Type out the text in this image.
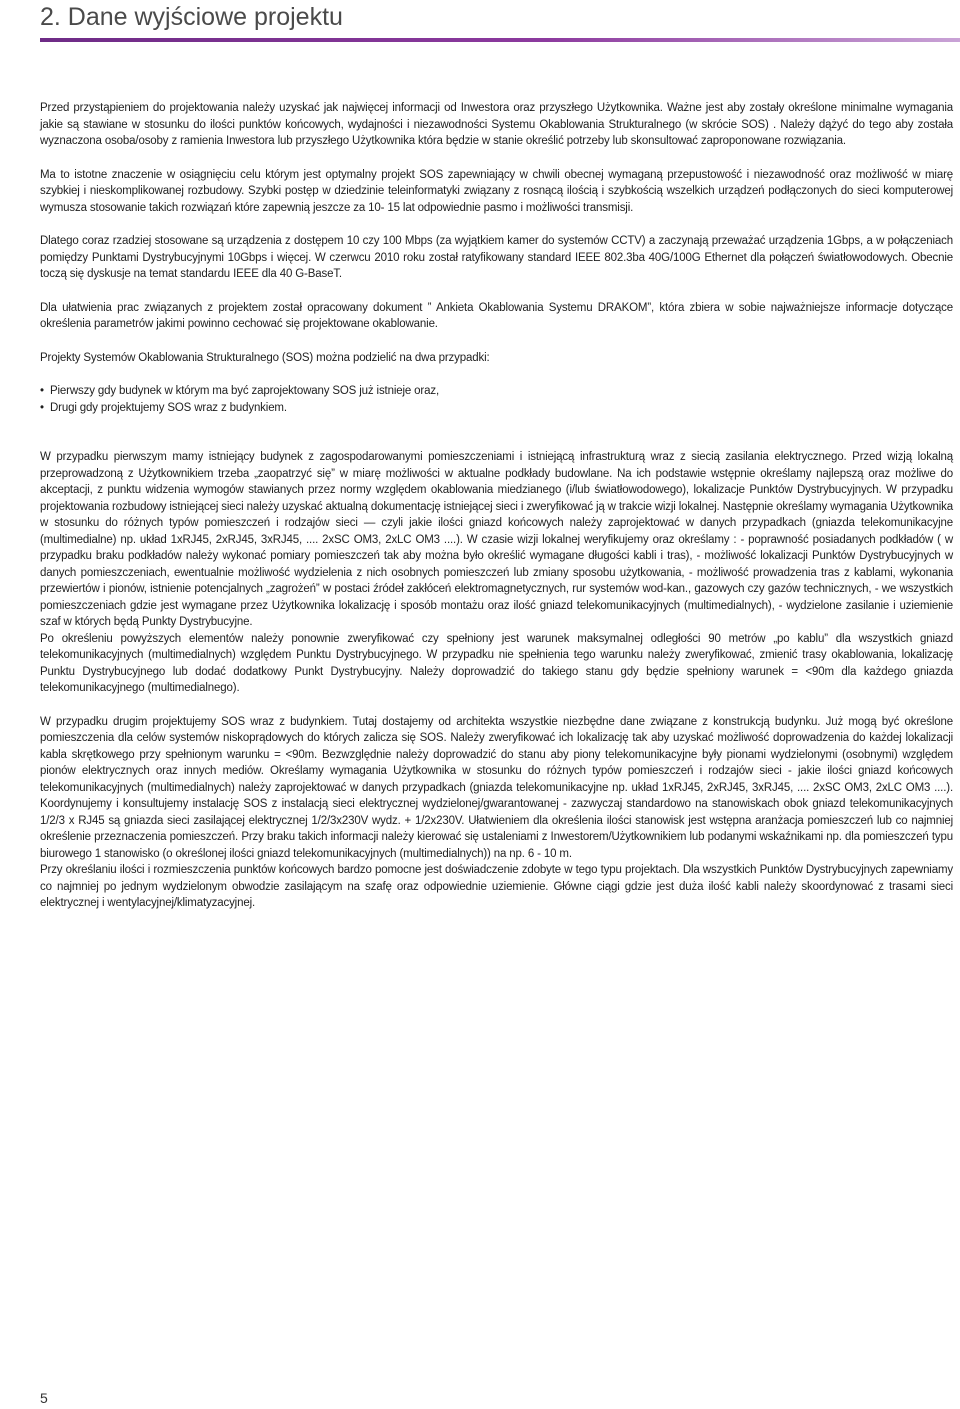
2. Dane wyjściowe projektu

Przed przystąpieniem do projektowania należy uzyskać jak najwięcej informacji od Inwestora oraz przyszłego Użytkownika. Ważne jest aby zostały określone minimalne wymagania jakie są stawiane w stosunku do ilości punktów końcowych, wydajności i niezawodności Systemu Okablowania Strukturalnego (w skrócie SOS) . Należy dążyć do tego aby została wyznaczona osoba/osoby z ramienia Inwestora lub przyszłego Użytkownika która będzie w stanie określić potrzeby lub skonsultować zaproponowane rozwiązania.

Ma to istotne znaczenie w osiągnięciu celu którym jest optymalny projekt SOS zapewniający w chwili obecnej wymaganą przepustowość i niezawodność oraz możliwość w miarę szybkiej i nieskomplikowanej rozbudowy. Szybki postęp w dziedzinie teleinformatyki związany z rosnącą ilością i szybkością wszelkich urządzeń podłączonych do sieci komputerowej wymusza stosowanie takich rozwiązań które zapewnią jeszcze za 10- 15 lat odpowiednie pasmo i możliwości transmisji.

Dlatego coraz rzadziej stosowane są urządzenia z dostępem 10 czy 100 Mbps (za wyjątkiem kamer do systemów CCTV) a zaczynają przeważać urządzenia 1Gbps, a w połączeniach pomiędzy Punktami Dystrybucyjnymi 10Gbps i więcej. W czerwcu 2010 roku został ratyfikowany standard IEEE 802.3ba 40G/100G Ethernet dla połączeń światłowodowych. Obecnie toczą się dyskusje na temat standardu IEEE dla 40 G-BaseT.

Dla ułatwienia prac związanych z projektem został opracowany dokument ” Ankieta Okablowania Systemu DRAKOM”, która zbiera w sobie najważniejsze informacje dotyczące określenia parametrów jakimi powinno cechować się projektowane okablowanie.

Projekty Systemów Okablowania Strukturalnego (SOS) można podzielić na dwa przypadki:

• Pierwszy gdy budynek w którym ma być zaprojektowany SOS już istnieje oraz,
• Drugi gdy projektujemy SOS wraz z budynkiem.

W przypadku pierwszym mamy istniejący budynek z zagospodarowanymi pomieszczeniami i istniejącą infrastrukturą wraz z siecią zasilania elektrycznego. Przed wizją lokalną przeprowadzoną z Użytkownikiem trzeba „zaopatrzyć się” w miarę możliwości w aktualne podkłady budowlane. Na ich podstawie wstępnie określamy najlepszą oraz możliwe do akceptacji, z punktu widzenia wymogów stawianych przez normy względem okablowania miedzianego (i/lub światłowodowego), lokalizacje Punktów Dystrybucyjnych. W przypadku projektowania rozbudowy istniejącej sieci należy uzyskać aktualną dokumentację istniejącej sieci i zweryfikować ją w trakcie wizji lokalnej. Następnie określamy wymagania Użytkownika w stosunku do różnych typów pomieszczeń i rodzajów sieci — czyli jakie ilości gniazd końcowych należy zaprojektować w danych przypadkach (gniazda telekomunikacyjne (multimedialne) np. układ 1xRJ45, 2xRJ45, 3xRJ45, .... 2xSC OM3, 2xLC OM3 ....). W czasie wizji lokalnej weryfikujemy oraz określamy : - poprawność posiadanych podkładów ( w przypadku braku podkładów należy wykonać pomiary pomieszczeń tak aby można było określić wymagane długości kabli i tras), - możliwość lokalizacji Punktów Dystrybucyjnych w danych pomieszczeniach, ewentualnie możliwość wydzielenia z nich osobnych pomieszczeń lub zmiany sposobu użytkowania, - możliwość prowadzenia tras z kablami, wykonania przewiertów i pionów, istnienie potencjalnych „zagrożeń” w postaci źródeł zakłóceń elektromagnetycznych, rur systemów wod-kan., gazowych czy gazów technicznych, - we wszystkich pomieszczeniach gdzie jest wymagane przez Użytkownika lokalizację i sposób montażu oraz ilość gniazd telekomunikacyjnych (multimedialnych), - wydzielone zasilanie i uziemienie szaf w których będą Punkty Dystrybucyjne.

Po określeniu powyższych elementów należy ponownie zweryfikować czy spełniony jest warunek maksymalnej odległości 90 metrów „po kablu” dla wszystkich gniazd telekomunikacyjnych (multimedialnych) względem Punktu Dystrybucyjnego. W przypadku nie spełnienia tego warunku należy zweryfikować, zmienić trasy okablowania, lokalizację Punktu Dystrybucyjnego lub dodać dodatkowy Punkt Dystrybucyjny. Należy doprowadzić do takiego stanu gdy będzie spełniony warunek = <90m dla każdego gniazda telekomunikacyjnego (multimedialnego).

W przypadku drugim projektujemy SOS wraz z budynkiem. Tutaj dostajemy od architekta wszystkie niezbędne dane związane z konstrukcją budynku. Już mogą być określone pomieszczenia dla celów systemów niskoprądowych do których zalicza się SOS. Należy zweryfikować ich lokalizację tak aby uzyskać możliwość doprowadzenia do każdej lokalizacji kabla skrętkowego przy spełnionym warunku = <90m. Bezwzględnie należy doprowadzić do stanu aby piony telekomunikacyjne były pionami wydzielonymi (osobnymi) względem pionów elektrycznych oraz innych mediów. Określamy wymagania Użytkownika w stosunku do różnych typów pomieszczeń i rodzajów sieci - jakie ilości gniazd końcowych telekomunikacyjnych (multimedialnych) należy zaprojektować w danych przypadkach (gniazda telekomunikacyjne np. układ 1xRJ45, 2xRJ45, 3xRJ45, .... 2xSC OM3, 2xLC OM3 ....). Koordynujemy i konsultujemy instalację SOS z instalacją sieci elektrycznej wydzielonej/gwarantowanej - zazwyczaj standardowo na stanowiskach obok gniazd telekomunikacyjnych 1/2/3 x RJ45 są gniazda sieci zasilającej elektrycznej 1/2/3x230V wydz. + 1/2x230V. Ułatwieniem dla określenia ilości stanowisk jest wstępna aranżacja pomieszczeń lub co najmniej określenie przeznaczenia pomieszczeń. Przy braku takich informacji należy kierować się ustaleniami z Inwestorem/Użytkownikiem lub podanymi wskaźnikami np. dla pomieszczeń typu biurowego 1 stanowisko (o określonej ilości gniazd telekomunikacyjnych (multimedialnych)) na np. 6 - 10 m.

Przy określaniu ilości i rozmieszczenia punktów końcowych bardzo pomocne jest doświadczenie zdobyte w tego typu projektach. Dla wszystkich Punktów Dystrybucyjnych zapewniamy co najmniej po jednym wydzielonym obwodzie zasilającym na szafę oraz odpowiednie uziemienie. Główne ciągi gdzie jest duża ilość kabli należy skoordynować z trasami sieci elektrycznej i wentylacyjnej/klimatyzacyjnej.

5
